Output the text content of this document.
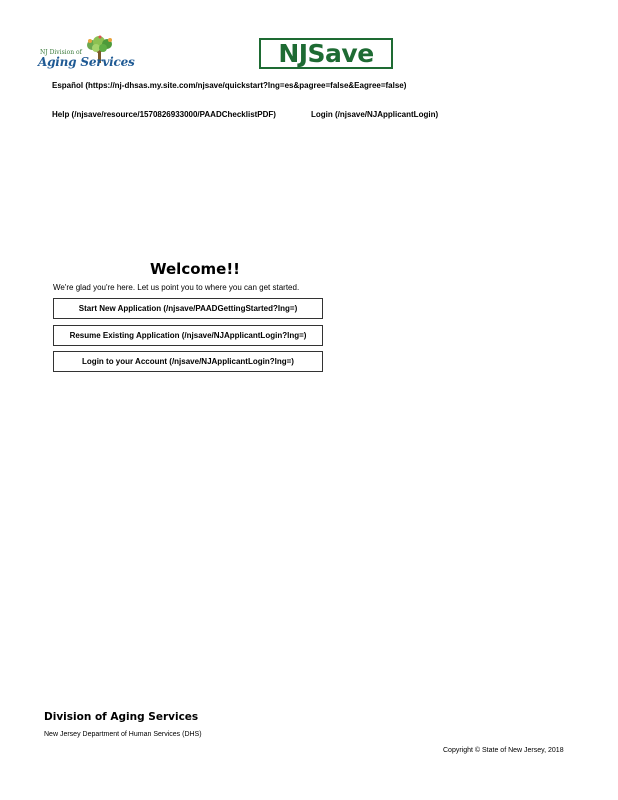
NJ Division of
Aging Services	NJSave
Español (https://nj-dhsas.my.site.com/njsave/quickstart?lng=es&pagree=false&Eagree=false)
Help (/njsave/resource/1570826933000/PAADChecklistPDF)	Login (/njsave/NJApplicantLogin)
Welcome!!
We're glad you're here. Let us point you to where you can get started.
Start New Application (/njsave/PAADGettingStarted?lng=)
Resume Existing Application (/njsave/NJApplicantLogin?lng=)
Login to your Account (/njsave/NJApplicantLogin?lng=)
Division of Aging Services
New Jersey Department of Human Services (DHS)
Copyright © State of New Jersey, 2018
